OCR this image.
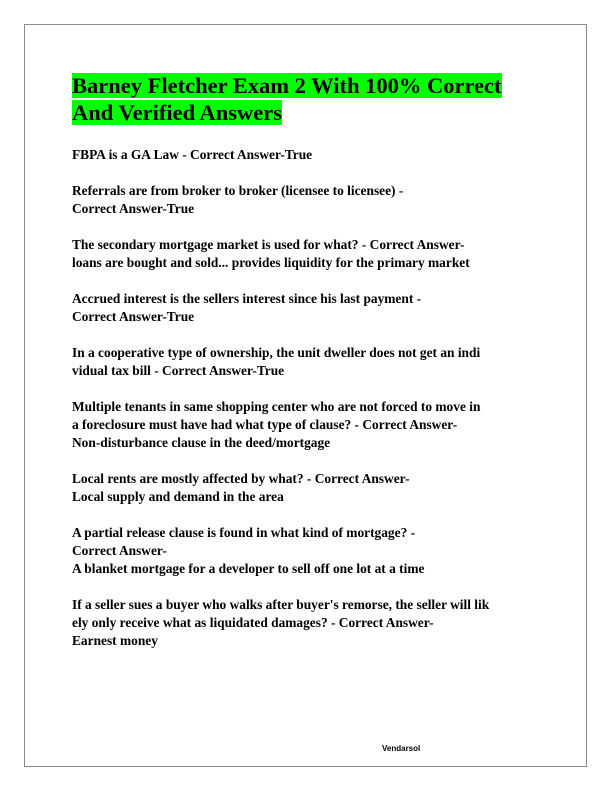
Barney Fletcher Exam 2 With 100% Correct And Verified Answers

FBPA is a GA Law - Correct Answer-True

Referrals are from broker to broker (licensee to licensee) -
Correct Answer-True

The secondary mortgage market is used for what? - Correct Answer-
loans are bought and sold... provides liquidity for the primary market

Accrued interest is the sellers interest since his last payment -
Correct Answer-True

In a cooperative type of ownership, the unit dweller does not get an indi
vidual tax bill - Correct Answer-True

Multiple tenants in same shopping center who are not forced to move in
a foreclosure must have had what type of clause? - Correct Answer-
Non-disturbance clause in the deed/mortgage

Local rents are mostly affected by what? - Correct Answer-
Local supply and demand in the area

A partial release clause is found in what kind of mortgage? -
Correct Answer-
A blanket mortgage for a developer to sell off one lot at a time

If a seller sues a buyer who walks after buyer's remorse, the seller will lik
ely only receive what as liquidated damages? - Correct Answer-
Earnest money

Vendarsol
